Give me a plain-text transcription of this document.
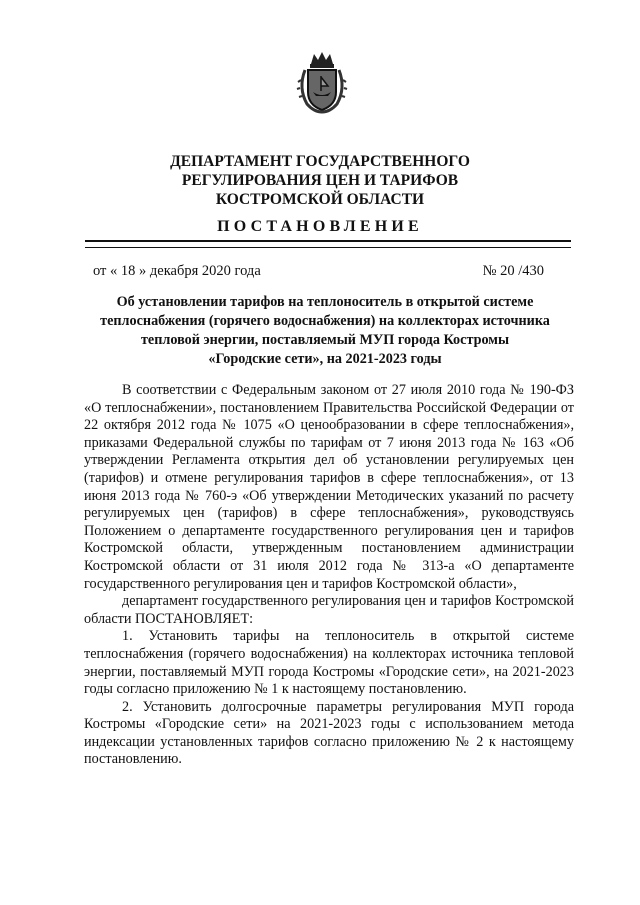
ДЕПАРТАМЕНТ ГОСУДАРСТВЕННОГО
РЕГУЛИРОВАНИЯ ЦЕН И ТАРИФОВ
КОСТРОМСКОЙ ОБЛАСТИ
ПОСТАНОВЛЕНИЕ
от « 18 » декабря 2020 года	№ 20 /430
Об установлении тарифов на теплоноситель в открытой системе
теплоснабжения (горячего водоснабжения) на коллекторах источника
тепловой энергии, поставляемый МУП города Костромы
«Городские сети», на 2021-2023 годы

В соответствии с Федеральным законом от 27 июля 2010 года № 190-ФЗ «О теплоснабжении», постановлением Правительства Российской Федерации от 22 октября 2012 года № 1075 «О ценообразовании в сфере теплоснабжения», приказами Федеральной службы по тарифам от 7 июня 2013 года № 163 «Об утверждении Регламента открытия дел об установлении регулируемых цен (тарифов) и отмене регулирования тарифов в сфере теплоснабжения», от 13 июня 2013 года № 760-э «Об утверждении Методических указаний по расчету регулируемых цен (тарифов) в сфере теплоснабжения», руководствуясь Положением о департаменте государственного регулирования цен и тарифов Костромской области, утвержденным постановлением администрации Костромской области от 31 июля 2012 года № 313-а «О департаменте государственного регулирования цен и тарифов Костромской области»,

департамент государственного регулирования цен и тарифов Костромской области ПОСТАНОВЛЯЕТ:

1. Установить тарифы на теплоноситель в открытой системе теплоснабжения (горячего водоснабжения) на коллекторах источника тепловой энергии, поставляемый МУП города Костромы «Городские сети», на 2021-2023 годы согласно приложению № 1 к настоящему постановлению.

2. Установить долгосрочные параметры регулирования МУП города Костромы «Городские сети» на 2021-2023 годы с использованием метода индексации установленных тарифов согласно приложению № 2 к настоящему постановлению.
